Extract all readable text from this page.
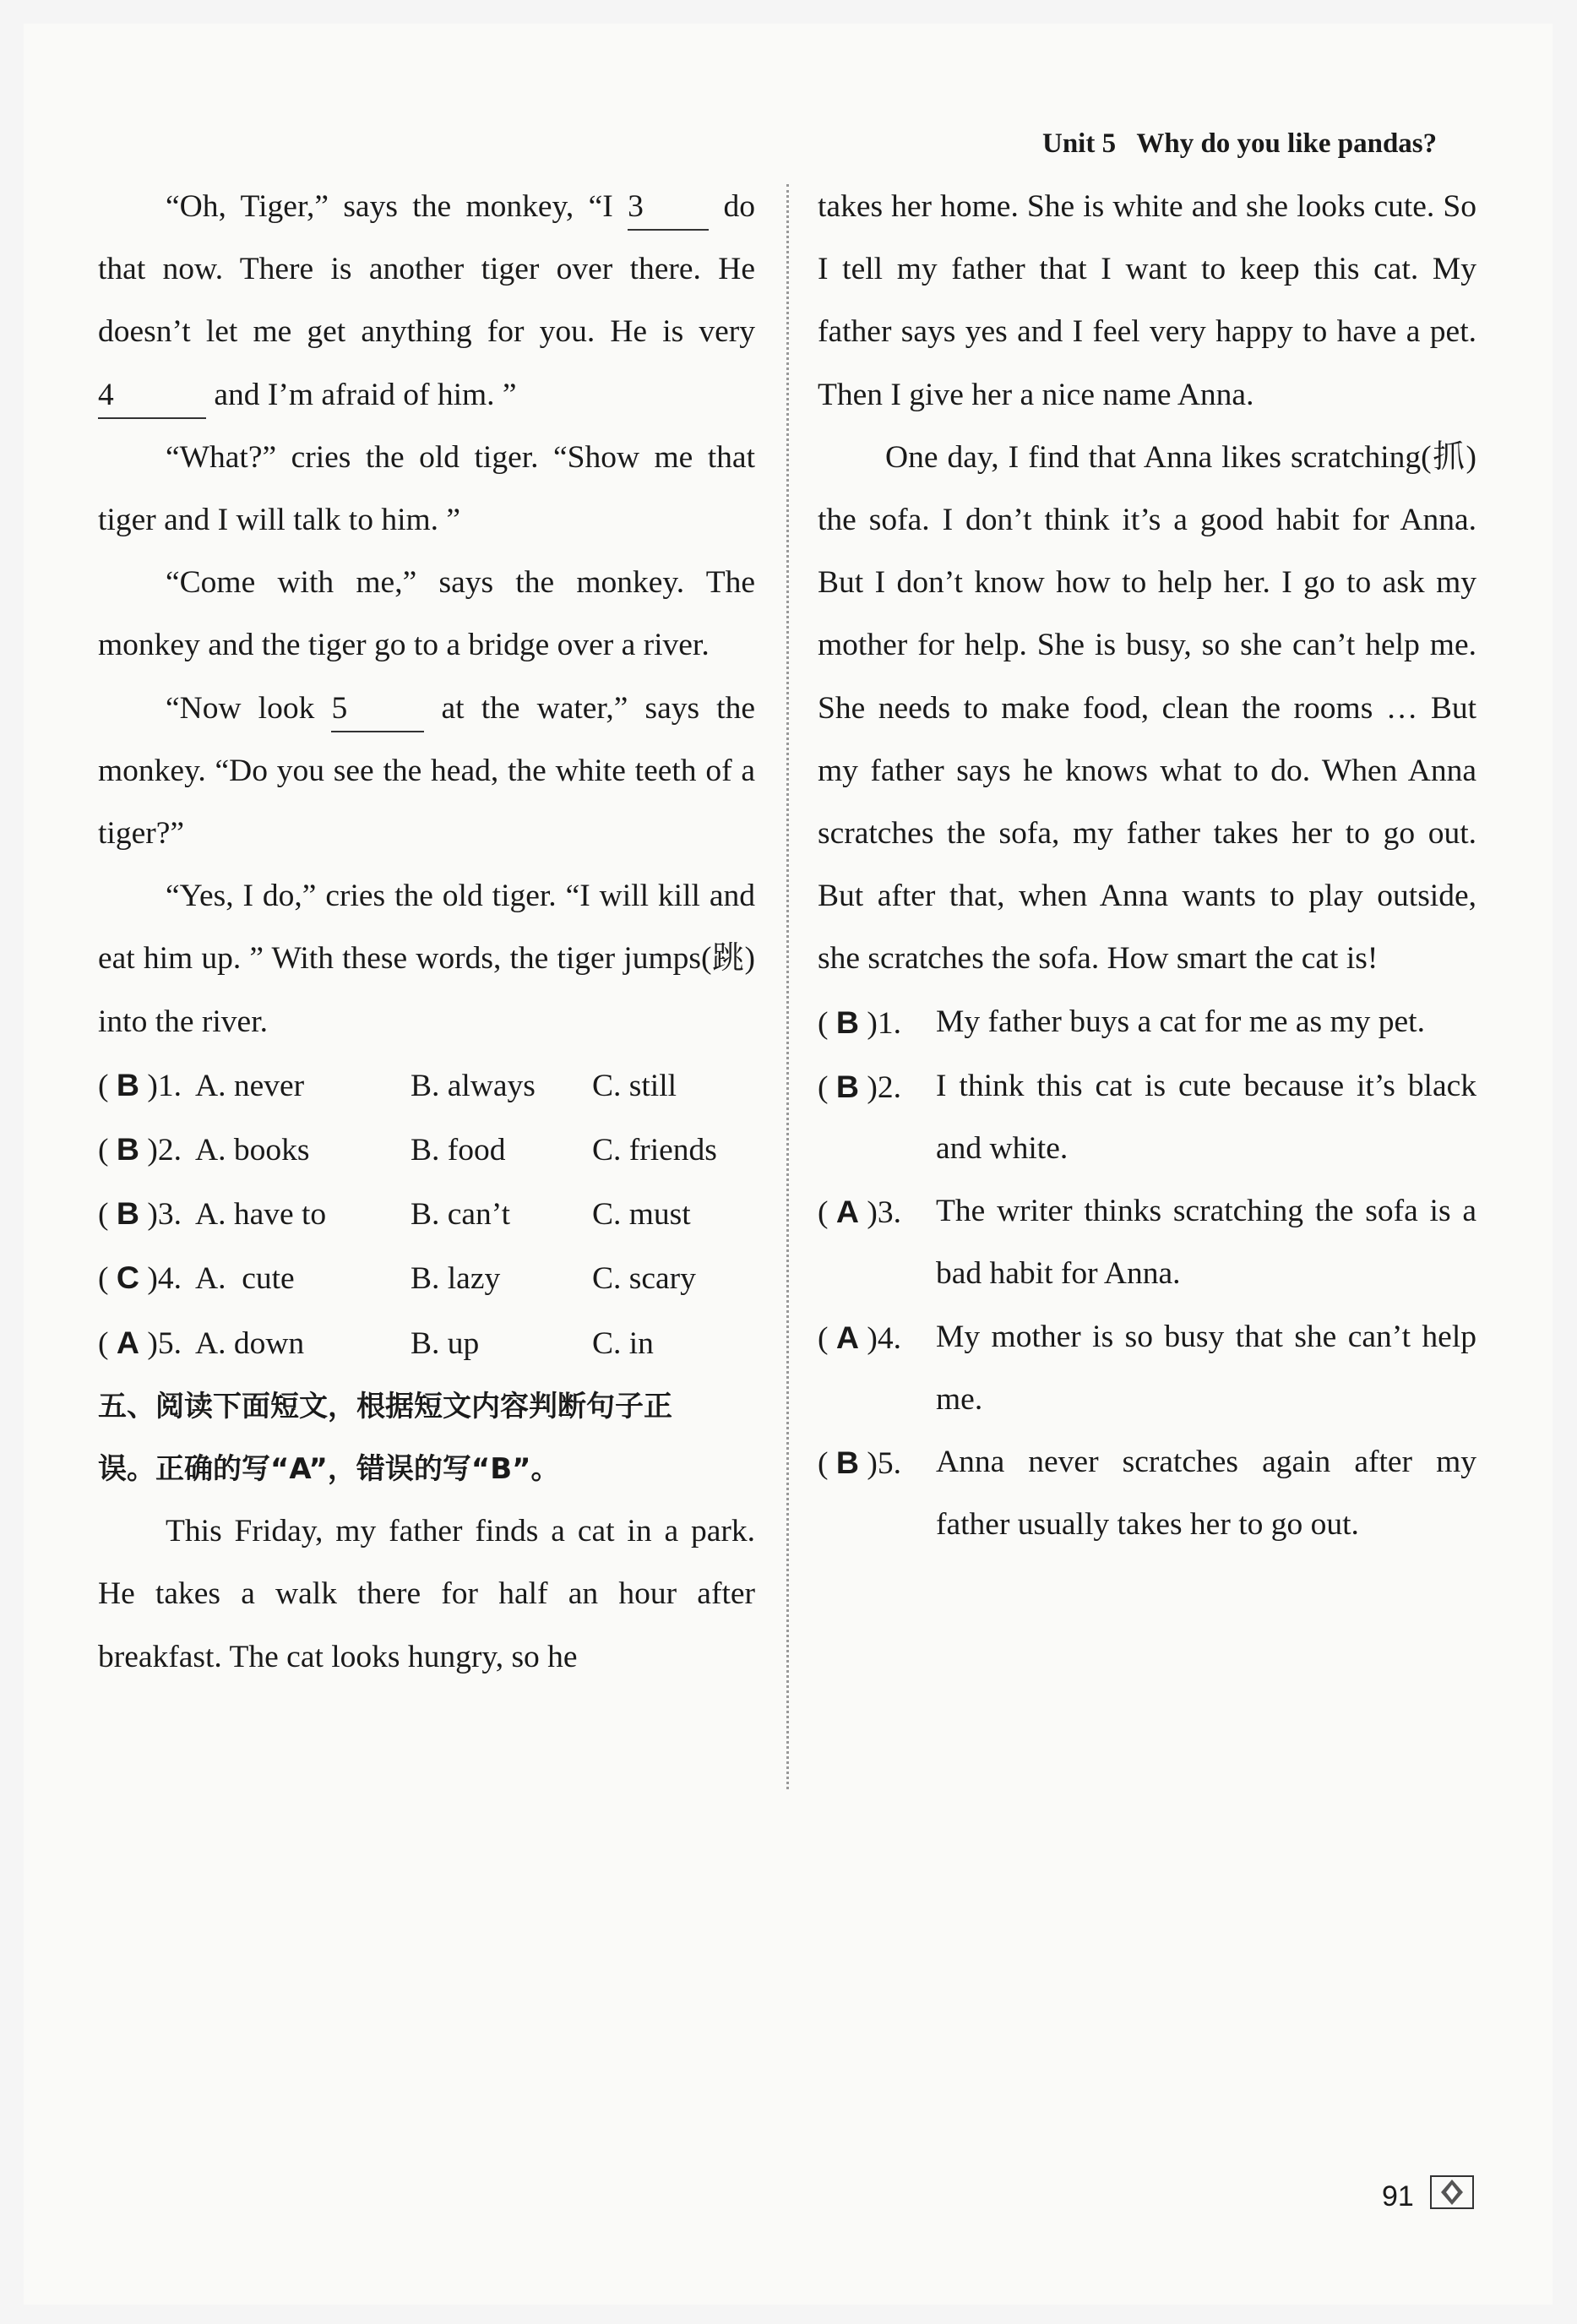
Unit 5 Why do you like pandas?

“Oh, Tiger,” says the monkey, “I 3 do that now. There is another tiger over there. He doesn’t let me get anything for you. He is very 4	and I’m afraid of him. ”

“What?” cries the old tiger. “Show me that tiger and I will talk to him. ”

“Come with me,” says the monkey. The monkey and the tiger go to a bridge over a river.

“Now look 5 at the water,” says the monkey. “Do you see the head, the white teeth of a tiger?”

“Yes, I do,” cries the old tiger. “I will kill and eat him up. ” With these words, the tiger jumps(跳) into the river.

( B )1. A. never	B. always C. still

( B )2. A. books	B. food	C. friends

( B )3. A. have to	B. can’t	C. must

( C )4. A.  cute	B. lazy	C. scary

( A )5. A. down	B. up	C. in

五、阅读下面短文，根据短文内容判断句子正
误。正确的写“A”，错误的写“B”。

This Friday, my father finds a cat in a park. He takes a walk there for half an hour after breakfast. The cat looks hungry, so he

takes her home. She is white and she looks cute. So I tell my father that I want to keep this cat. My father says yes and I feel very happy to have a pet. Then I give her a nice name Anna.

One day, I find that Anna likes scratching(抓) the sofa. I don’t think it’s a good habit for Anna. But I don’t know how to help her. I go to ask my mother for help. She is busy, so she can’t help me. She needs to make food, clean the rooms … But my father says he knows what to do. When Anna scratches the sofa, my father takes her to go out. But after that, when Anna wants to play outside, she scratches the sofa. How smart the cat is!

( B )1.	My father buys a cat for me as my pet.
( B )2.	I think this cat is cute because it’s black and white.
( A )3.	The writer thinks scratching the sofa is a bad habit for Anna.
( A )4.	My mother is so busy that she can’t help me.
( B )5.	Anna never scratches again after my father usually takes her to go out.
91
